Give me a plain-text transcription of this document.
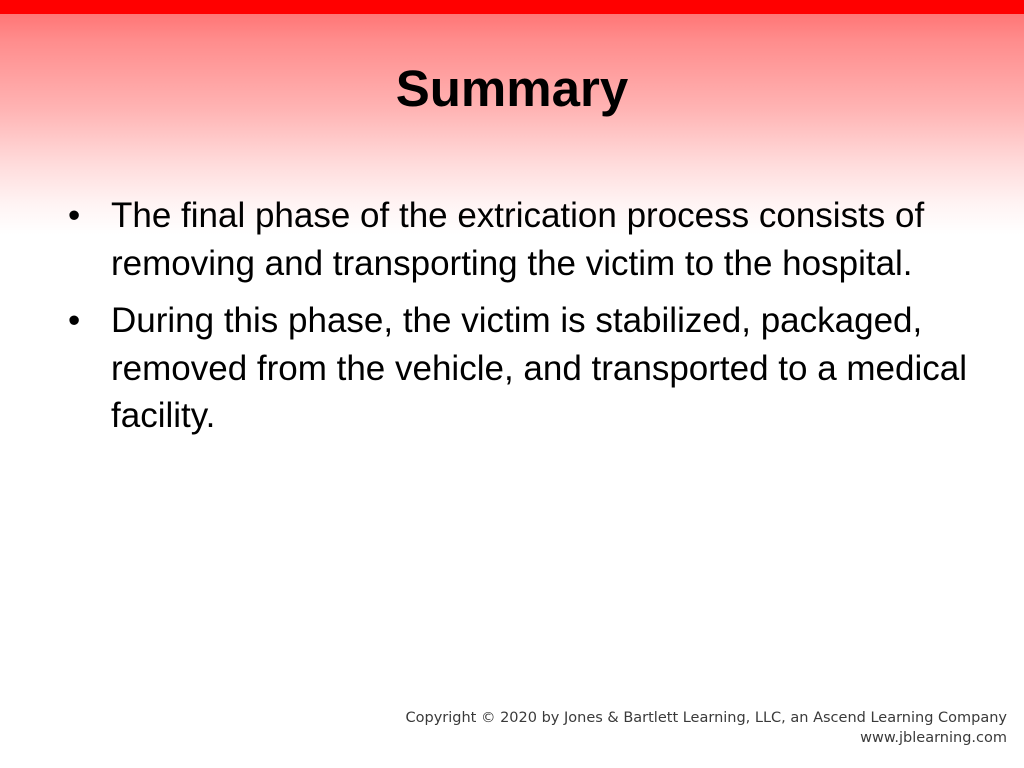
Summary
• The final phase of the extrication process consists of removing and transporting the victim to the hospital.
• During this phase, the victim is stabilized, packaged, removed from the vehicle, and transported to a medical facility.
Copyright © 2020 by Jones & Bartlett Learning, LLC, an Ascend Learning Company
www.jblearning.com
